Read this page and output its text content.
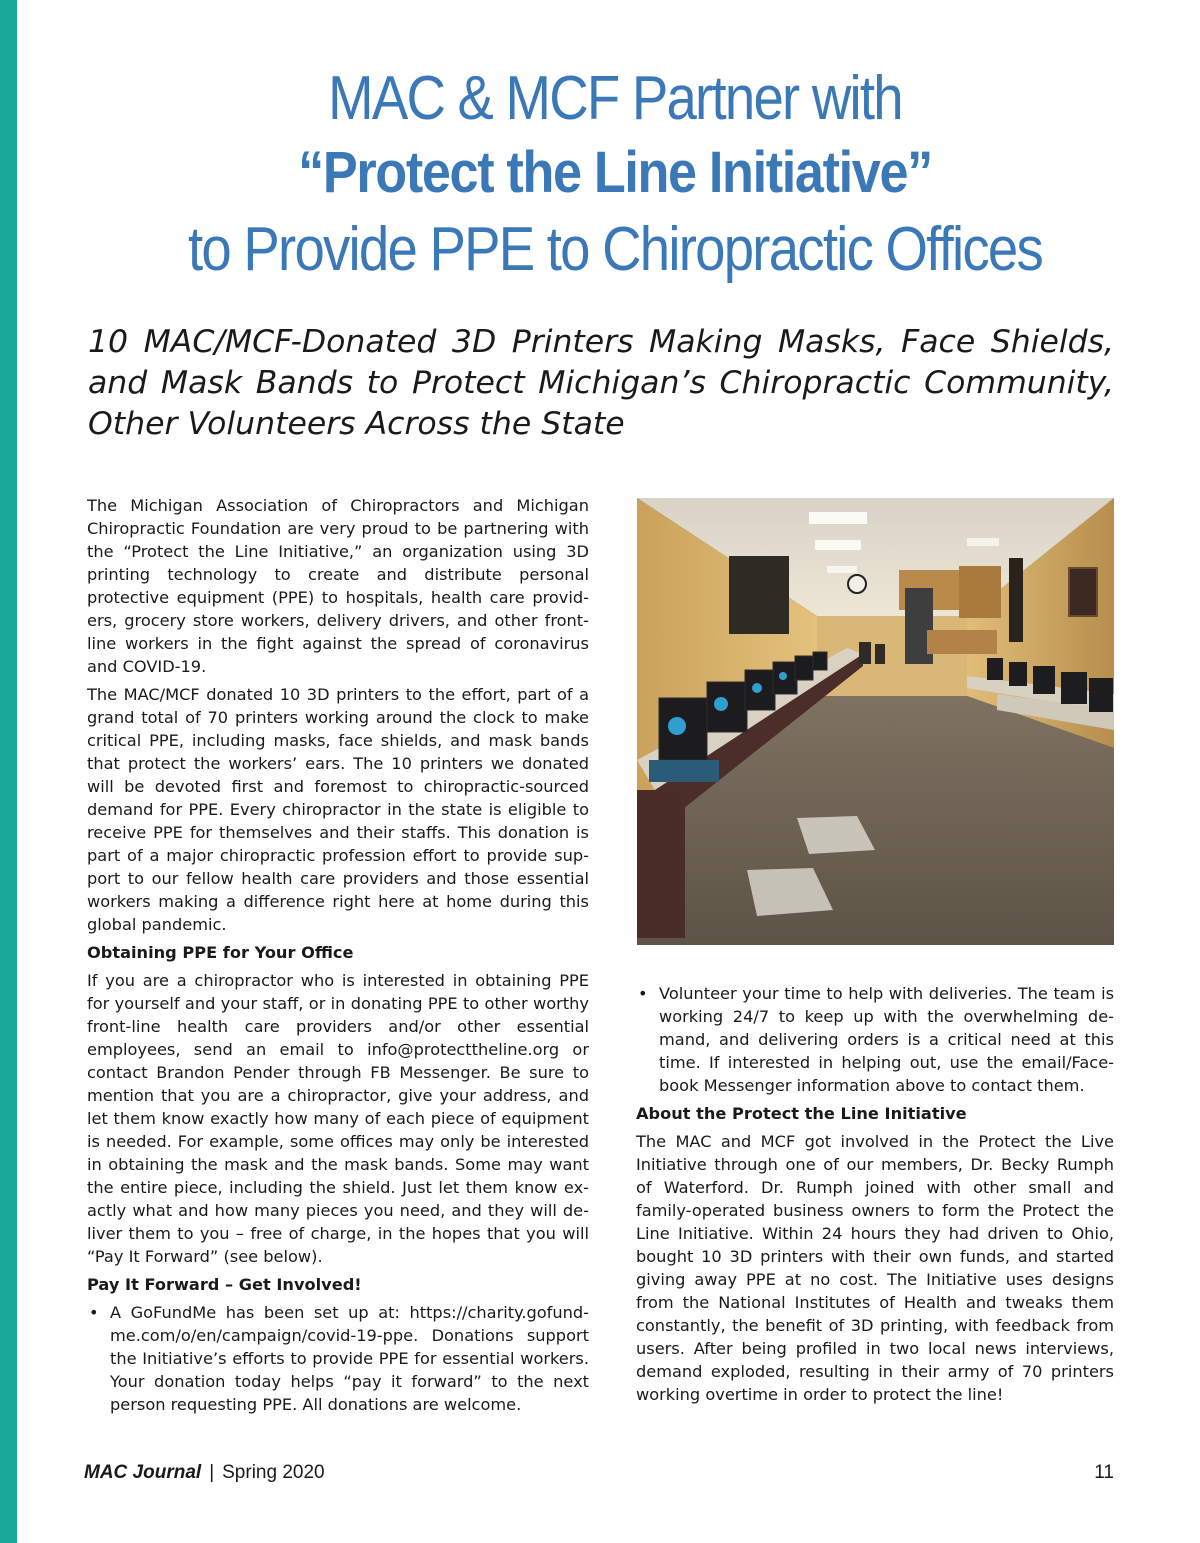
MAC & MCF Partner with
“Protect the Line Initiative”
to Provide PPE to Chiropractic Offices
10 MAC/MCF-Donated 3D Printers Making Masks, Face Shields, and Mask Bands to Protect Michigan’s Chiropractic Community, Other Volunteers Across the State

The Michigan Association of Chiropractors and Michigan Chiropractic Foundation are very proud to be partnering with the “Protect the Line Initiative,” an organization using 3D printing technology to create and distribute personal protective equipment (PPE) to hospitals, health care providers, grocery store workers, delivery drivers, and other frontline workers in the fight against the spread of coronavirus and COVID-19.

The MAC/MCF donated 10 3D printers to the effort, part of a grand total of 70 printers working around the clock to make critical PPE, including masks, face shields, and mask bands that protect the workers’ ears. The 10 printers we donated will be devoted first and foremost to chiropractic-sourced demand for PPE. Every chiropractor in the state is eligible to receive PPE for themselves and their staffs. This donation is part of a major chiropractic profession effort to provide support to our fellow health care providers and those essential workers making a difference right here at home during this global pandemic.

Obtaining PPE for Your Office

If you are a chiropractor who is interested in obtaining PPE for yourself and your staff, or in donating PPE to other worthy front-line health care providers and/or other essential employees, send an email to info@protecttheline.org or contact Brandon Pender through FB Messenger. Be sure to mention that you are a chiropractor, give your address, and let them know exactly how many of each piece of equipment is needed. For example, some offices may only be interested in obtaining the mask and the mask bands. Some may want the entire piece, including the shield. Just let them know exactly what and how many pieces you need, and they will deliver them to you – free of charge, in the hopes that you will “Pay It Forward” (see below).

Pay It Forward – Get Involved!
• A GoFundMe has been set up at: https://charity.gofundme.com/o/en/campaign/covid-19-ppe. Donations support the Initiative’s efforts to provide PPE for essential workers. Your donation today helps “pay it forward” to the next person requesting PPE. All donations are welcome.
• Volunteer your time to help with deliveries. The team is working 24/7 to keep up with the overwhelming demand, and delivering orders is a critical need at this time. If interested in helping out, use the email/Facebook Messenger information above to contact them.
About the Protect the Line Initiative

The MAC and MCF got involved in the Protect the Live Initiative through one of our members, Dr. Becky Rumph of Waterford. Dr. Rumph joined with other small and family-operated business owners to form the Protect the Line Initiative. Within 24 hours they had driven to Ohio, bought 10 3D printers with their own funds, and started giving away PPE at no cost. The Initiative uses designs from the National Institutes of Health and tweaks them constantly, the benefit of 3D printing, with feedback from users. After being profiled in two local news interviews, demand exploded, resulting in their army of 70 printers working overtime in order to protect the line!

MAC Journal | Spring 2020	11
